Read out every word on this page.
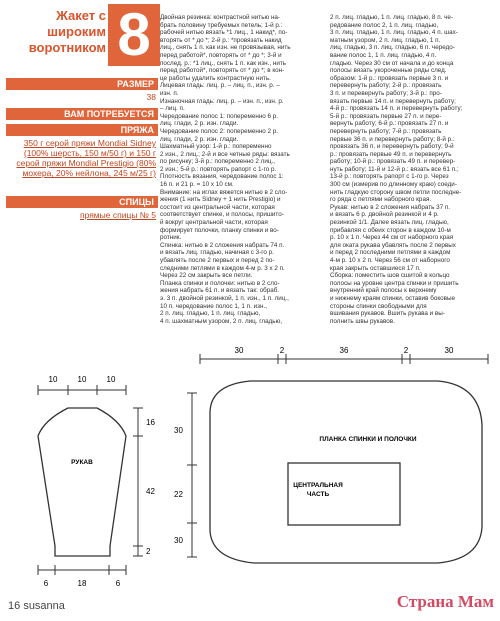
Жакет с
широким
воротником 8
РАЗМЕР
38
ВАМ ПОТРЕБУЕТСЯ
ПРЯЖА
350 г серой пряжи Mondial Sidney (100% шерсть, 150 м/50 г) и 150 г серой пряжи Mondial Prestigio (80% мохера, 20% нейлона, 245 м/25 г)
СПИЦЫ
прямые спицы № 5
Двойная резинка: контрастной нитью на-
брать половину требуемых петель; 1-й р.:
рабочей нитью вязать *1 лиц., 1 накид*, по-
вторять от * до *; 2-й р.: *провязать накид
лиц., снять 1 п. как изн. не провязывая, нить
перед работой*, повторять от * до *; 3-й и
послед. р.: *1 лиц., снять 1 п. как изн., нить
перед работой*, повторять от * до *; в кон-
це работы удалить контрастную нить.
Лицевая гладь: лиц. р. – лиц. п., изн. р. –
изн. п.
Изнаночная гладь: лиц. р. – изн. п., изн. р.
– лиц. п.
Чередование полос 1: попеременно 6 р.
лиц. глади, 2 р. изн. глади.
Чередование полос 2: попеременно 2 р.
лиц. глади, 2 р. изн. глади.
Шахматный узор: 1-й р.: попеременно
2 изн., 2 лиц.; 2-й и все четные ряды: вязать
по рисунку; 3-й р.: попеременно 2 лиц.,
2 изн.; 5-й р.: повторять рапорт с 1-го р.
Плотность вязания, чередование полос 1:
16 п. и 21 р. = 10 х 10 см.
Внимание: на иглах вяжется нитью в 2 сло-
жения (1 нить Sidney + 1 нить Prestigio) и
состоит из центральной части, которая
соответствует спинке, и полосы, пришито-
й вокруг центральной части, которая
формирует полочки, планку спинки и во-
ротник.
Спинка: нитью в 2 сложения набрать 74 п.
и вязать лиц. гладью, начиная с 3-го р.
убавлять после 2 первых и перед 2 по-
следними петлями в каждом 4-м р. 3 х 2 п.
Через 22 см закрыть все петли.
Планка спинки и полочки: нитью в 2 сло-
жения набрать 61 п. и вязать так: обраб.
э. 3 п. двойной резинкой, 1 п. изн., 1 п. лиц.,
10 п. чередование полос 1, 1 п. изн.,
2 п. лиц. гладью, 1 п. лиц. гладью,
4 п. шахматным узором, 2 п. лиц. гладью,
2 п. лиц. гладью, 1 п. лиц. гладью, 8 п. че-
редование полос 2, 1 п. лиц. гладью,
3 п. лиц. гладью, 1 п. лиц. гладью, 4 п. шах-
матным узором, 2 п. лиц. гладью, 1 п.
лиц. гладью, 3 п. лиц. гладью, 6 п. чередо-
вание полос 1, 1 п. лиц. гладью, 4 п.
гладью. Через 30 см от начала и до конца
полосы вязать укороченные ряды след.
образом: 1-й р.: провязать первые 3 п. и
перевернуть работу; 2-й р.: провязать
3 п. и перевернуть работу; 3-й р.: про-
вязать первые 14 п. и перевернуть работу;
4-й р.: провязать 14 п. и перевернуть работу;
5-й р.: провязать первые 27 п. и пере-
вернуть работу; 6-й р.: провязать 27 п. и
перевернуть работу; 7-й р.: провязать
первые 36 п. и перевернуть работу; 8-й р.:
провязать 36 п. и перевернуть работу; 9-й
р.: провязать первые 49 п. и перевернуть
работу; 10-й р.: провязать 49 п. и перевер-
нуть работу; 11-й и 12-й р.: вязать все 61 п.;
13-й р.: повторять рапорт с 1-го р. Через
300 см (измерив по длинному краю) соеди-
нить гладкую сторону швом петли последне-
го ряда с петлями наборного края.
Рукав: нитью в 2 сложения набрать 37 п.
и вязать 6 р. двойной резинкой и 4 р.
резинкой 1/1. Далее вязать лиц. гладью,
прибавляя с обеих сторон в каждом 10-м
р. 10 х 1 п. Через 44 см от наборного края
для оката рукава убавлять после 2 первых
и перед 2 последними петлями в каждом
4-м р. 10 х 2 п. Через 56 см от наборного
края закрыть оставшиеся 17 п.
Сборка: поместить шов сшитой в кольцо
полосы на уровне центра спинки и пришить
внутренний край полосы к верхнему
и нижнему краям спинки, оставив боковые
стороны спинки свободными для
вшивания рукавов. Вшить рукава и вы-
полнить швы рукавов.
РУКАВ
10	10	10
16
42
2
6	18	6
ПЛАНКА СПИНКИ И ПОЛОЧКИ
ЦЕНТРАЛЬНАЯ
ЧАСТЬ
30	2	36	2	30
30
22
30
16 susanna	Страна Мам
